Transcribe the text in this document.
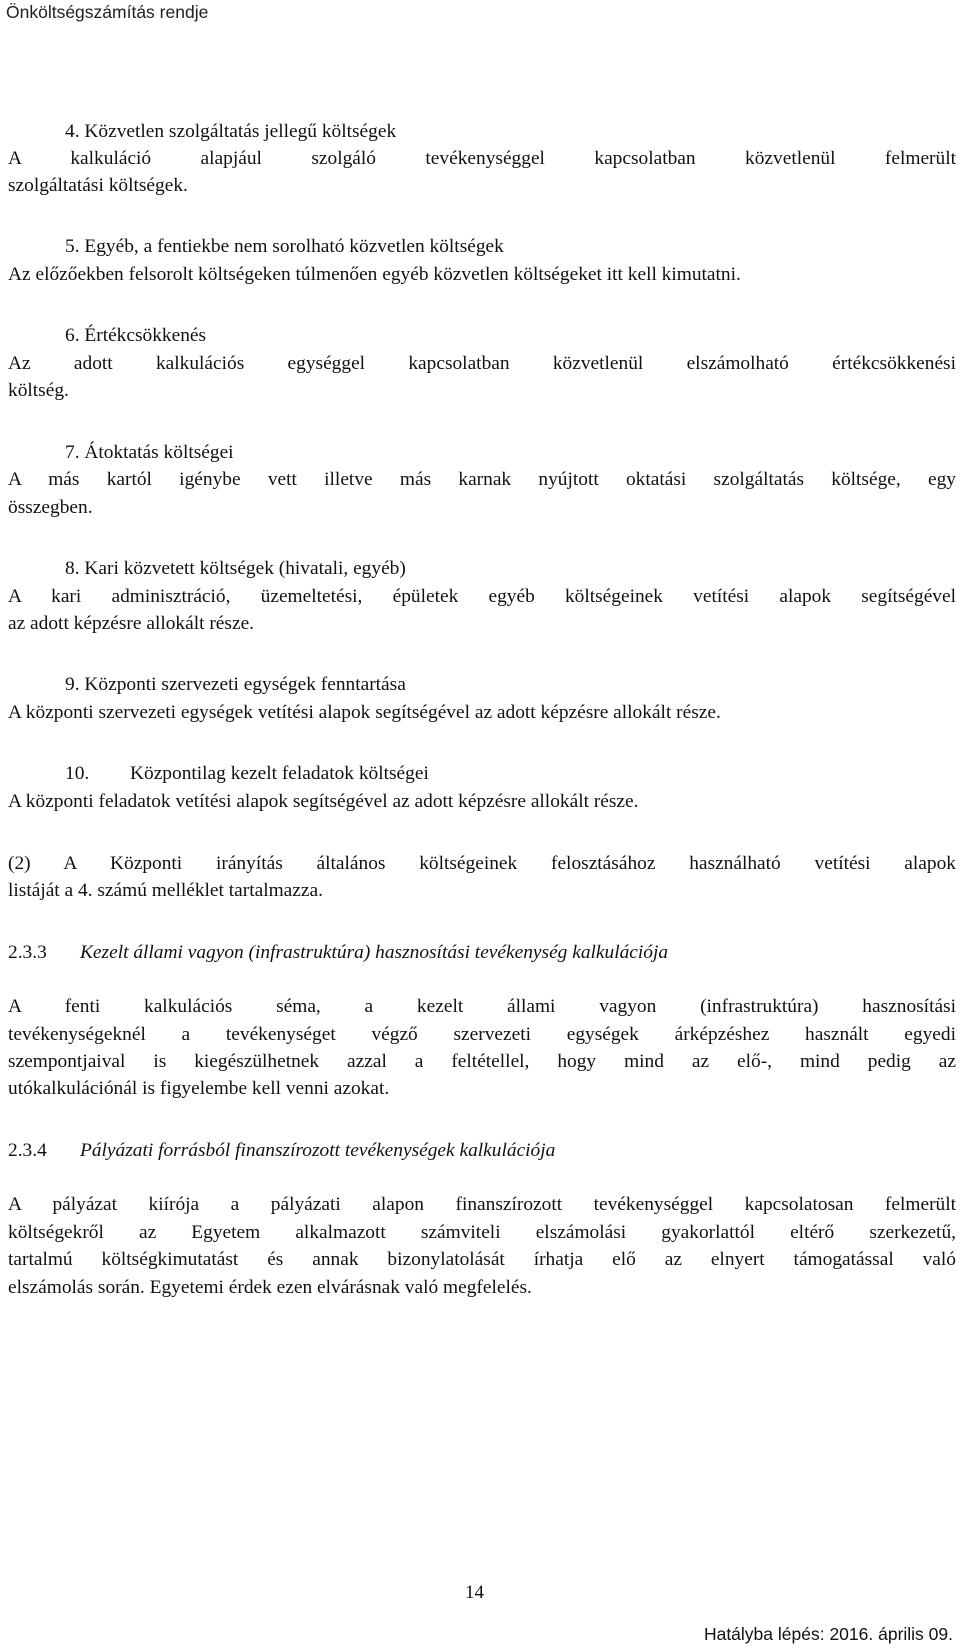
Önköltségszámítás rendje
4. Közvetlen szolgáltatás jellegű költségek
A kalkuláció alapjául szolgáló tevékenységgel kapcsolatban közvetlenül felmerült
szolgáltatási költségek.
5. Egyéb, a fentiekbe nem sorolható közvetlen költségek
Az előzőekben felsorolt költségeken túlmenően egyéb közvetlen költségeket itt kell kimutatni.
6. Értékcsökkenés
Az adott kalkulációs egységgel kapcsolatban közvetlenül elszámolható értékcsökkenési
költség.
7. Átoktatás költségei
A más kartól igénybe vett illetve más karnak nyújtott oktatási szolgáltatás költsége, egy
összegben.
8. Kari közvetett költségek (hivatali, egyéb)
A kari adminisztráció, üzemeltetési, épületek egyéb költségeinek vetítési alapok segítségével
az adott képzésre allokált része.
9. Központi szervezeti egységek fenntartása
A központi szervezeti egységek vetítési alapok segítségével az adott képzésre allokált része.
10. Központilag kezelt feladatok költségei
A központi feladatok vetítési alapok segítségével az adott képzésre allokált része.
(2) A Központi irányítás általános költségeinek felosztásához használható vetítési alapok
listáját a 4. számú melléklet tartalmazza.
2.3.3 Kezelt állami vagyon (infrastruktúra) hasznosítási tevékenység kalkulációja
A fenti kalkulációs séma, a kezelt állami vagyon (infrastruktúra) hasznosítási
tevékenységeknél a tevékenységet végző szervezeti egységek árképzéshez használt egyedi
szempontjaival is kiegészülhetnek azzal a feltétellel, hogy mind az elő-, mind pedig az
utókalkulációnál is figyelembe kell venni azokat.
2.3.4 Pályázati forrásból finanszírozott tevékenységek kalkulációja
A pályázat kiírója a pályázati alapon finanszírozott tevékenységgel kapcsolatosan felmerült
költségekről az Egyetem alkalmazott számviteli elszámolási gyakorlattól eltérő szerkezetű,
tartalmú költségkimutatást és annak bizonylatolását írhatja elő az elnyert támogatással való
elszámolás során. Egyetemi érdek ezen elvárásnak való megfelelés.
14
Hatályba lépés: 2016. április 09.
